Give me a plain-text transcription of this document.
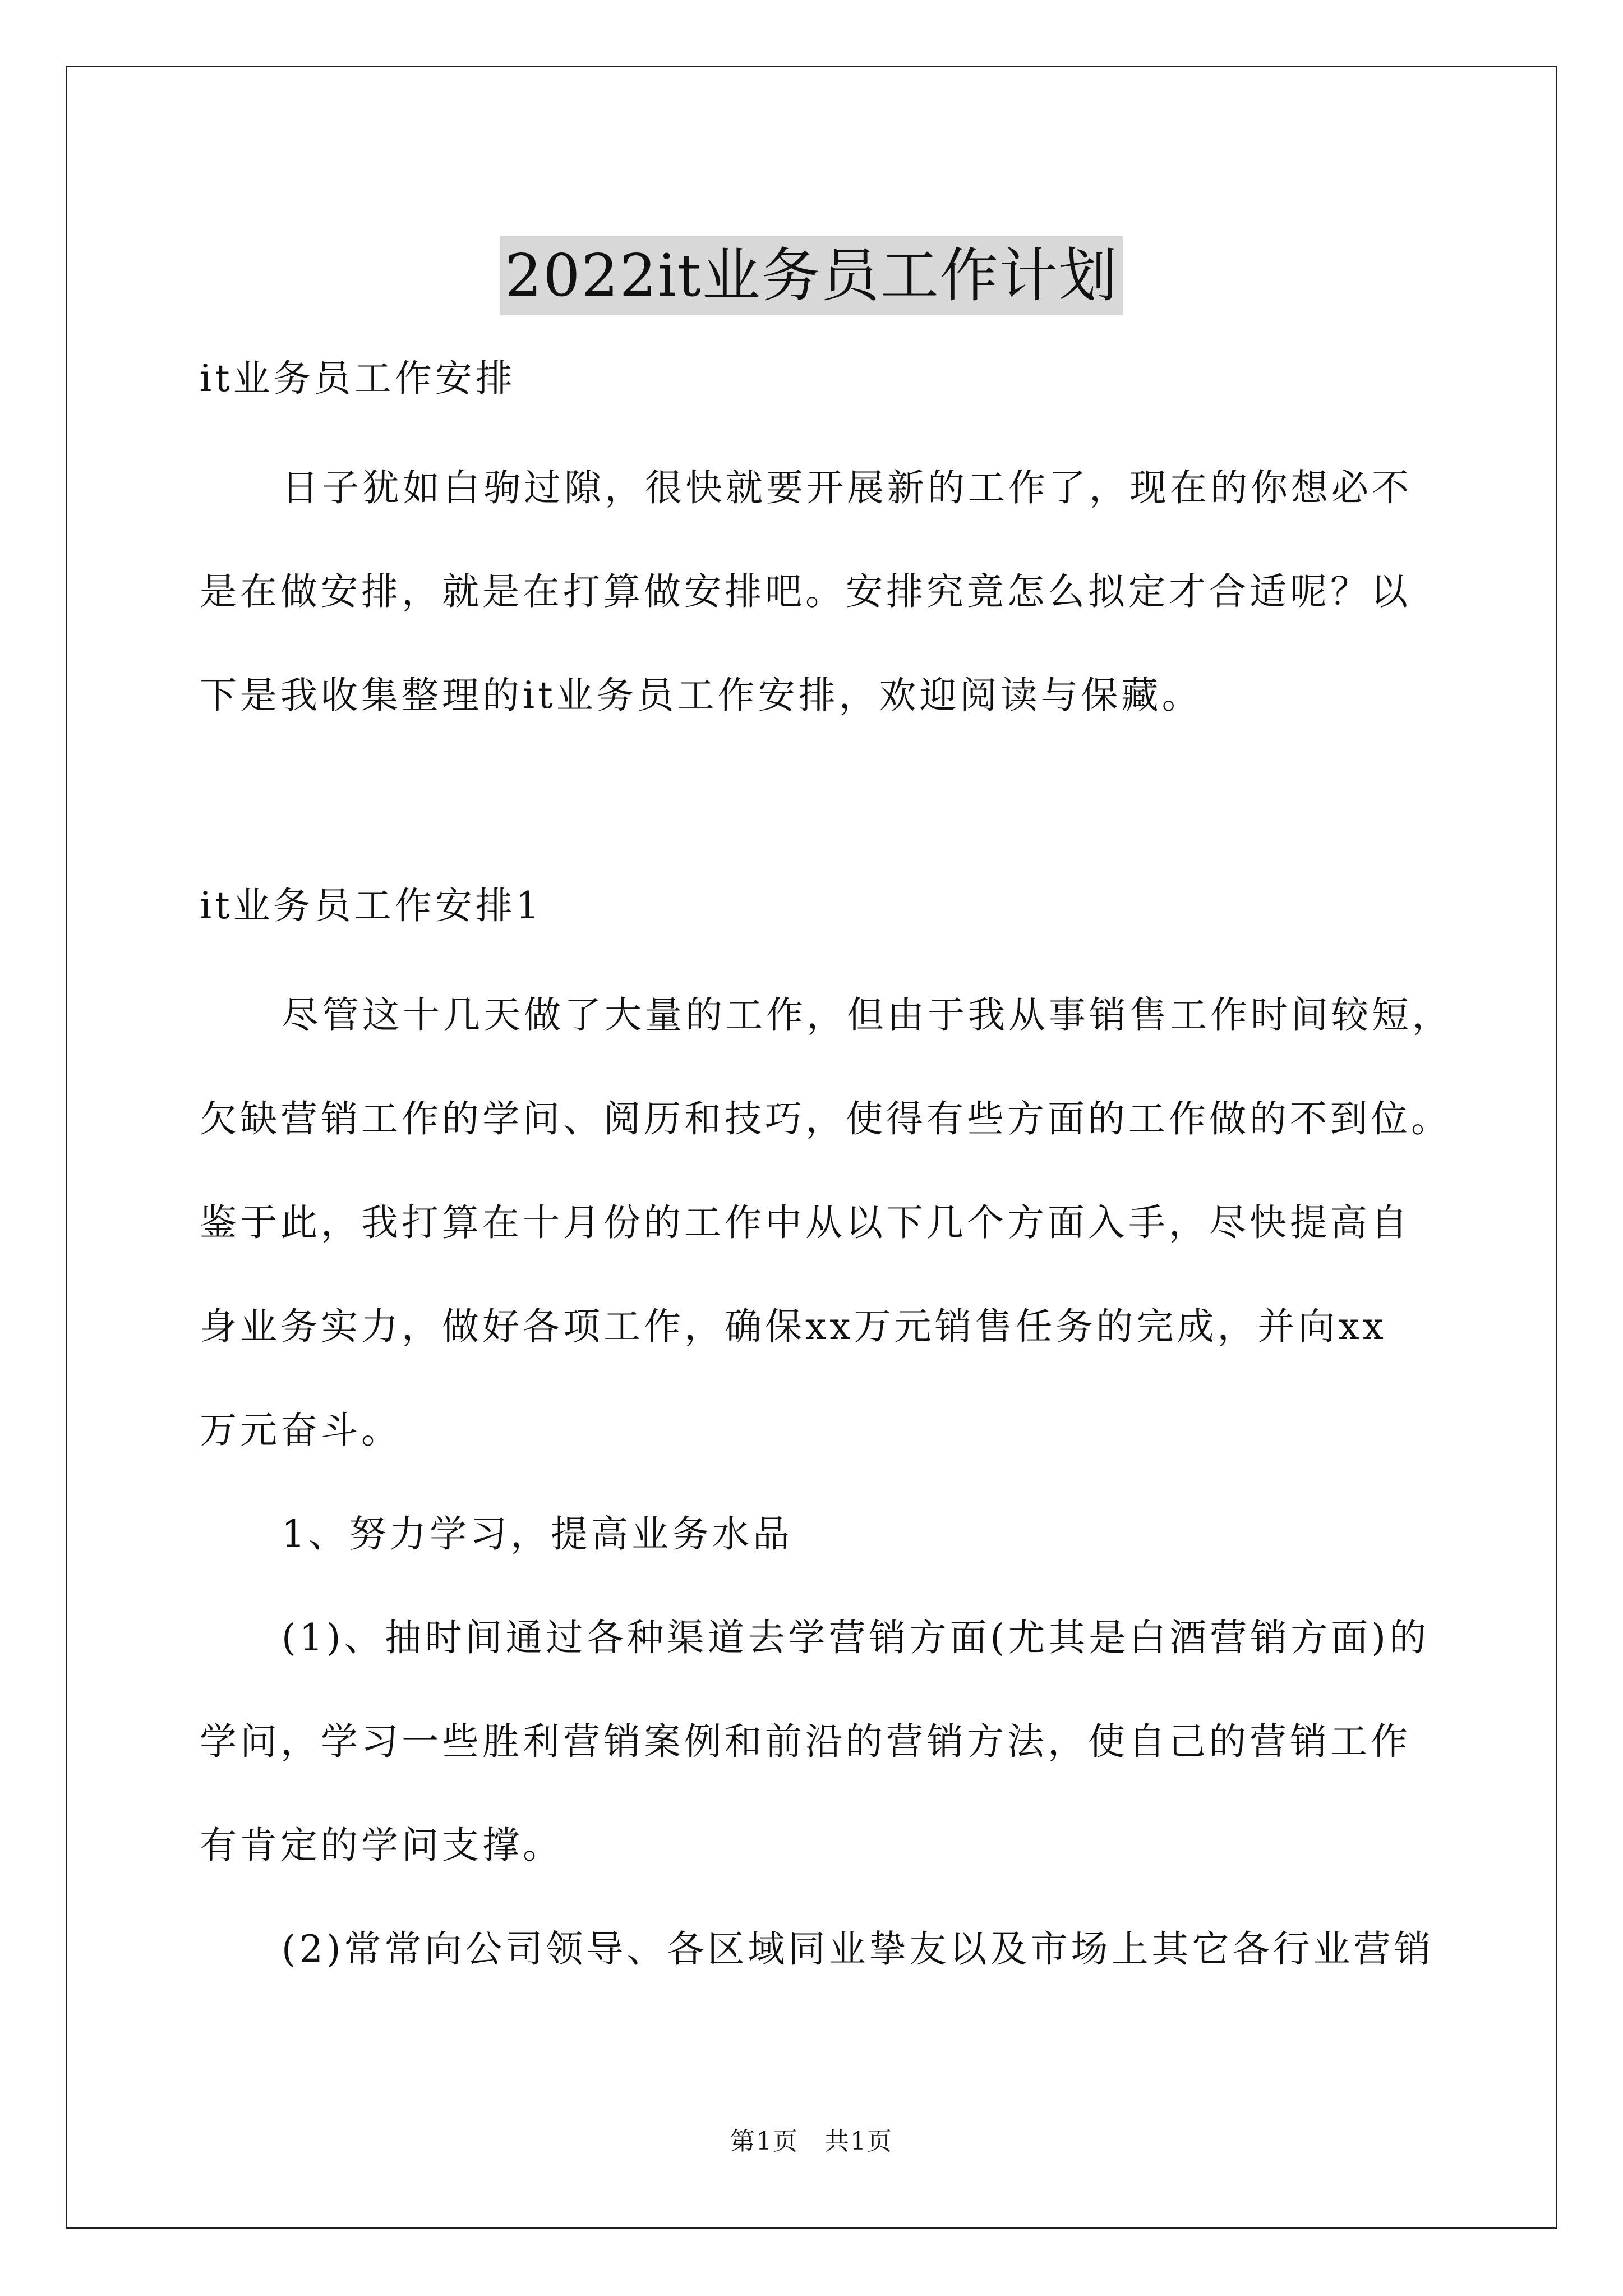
2022it业务员工作计划
it业务员工作安排
日子犹如白驹过隙，很快就要开展新的工作了，现在的你想必不
是在做安排，就是在打算做安排吧。安排究竟怎么拟定才合适呢？以
下是我收集整理的it业务员工作安排，欢迎阅读与保藏。
it业务员工作安排1
尽管这十几天做了大量的工作，但由于我从事销售工作时间较短，
欠缺营销工作的学问、阅历和技巧，使得有些方面的工作做的不到位。
鉴于此，我打算在十月份的工作中从以下几个方面入手，尽快提高自
身业务实力，做好各项工作，确保xx万元销售任务的完成，并向xx
万元奋斗。
1、努力学习，提高业务水品
(1)、抽时间通过各种渠道去学营销方面(尤其是白酒营销方面)的
学问，学习一些胜利营销案例和前沿的营销方法，使自己的营销工作
有肯定的学问支撑。
(2)常常向公司领导、各区域同业挚友以及市场上其它各行业营销
第1页　共1页
